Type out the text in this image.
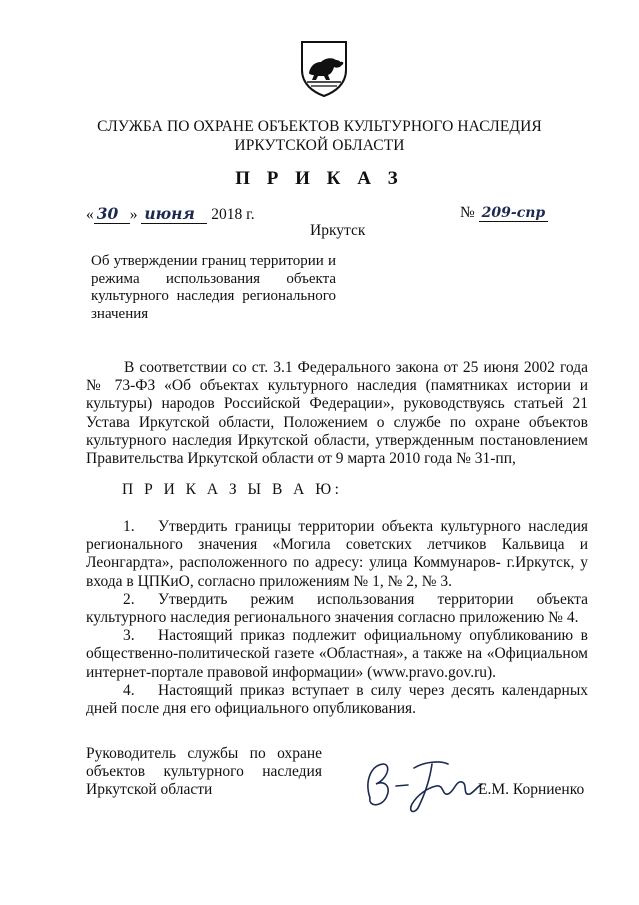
СЛУЖБА ПО ОХРАНЕ ОБЪЕКТОВ КУЛЬТУРНОГО НАСЛЕДИЯ
ИРКУТСКОЙ ОБЛАСТИ
П Р И К А З
« 30 » июня 2018 г.	№ 209-спр
Иркутск
Об утверждении границ территории и режима использования объекта культурного наследия регионального значения
В соответствии со ст. 3.1 Федерального закона от 25 июня 2002 года № 73-ФЗ «Об объектах культурного наследия (памятниках истории и культуры) народов Российской Федерации», руководствуясь статьей 21 Устава Иркутской области, Положением о службе по охране объектов культурного наследия Иркутской области, утвержденным постановлением Правительства Иркутской области от 9 марта 2010 года № 31-пп,
П Р И К А З Ы В А Ю:
1. Утвердить границы территории объекта культурного наследия регионального значения «Могила советских летчиков Кальвица и Леонгардта», расположенного по адресу: улица Коммунаров- г.Иркутск, у входа в ЦПКиО, согласно приложениям № 1, № 2, № 3.
2. Утвердить режим использования территории объекта культурного наследия регионального значения согласно приложению № 4.
3. Настоящий приказ подлежит официальному опубликованию в общественно-политической газете «Областная», а также на «Официальном интернет-портале правовой информации» (www.pravo.gov.ru).
4. Настоящий приказ вступает в силу через десять календарных дней после дня его официального опубликования.
Руководитель службы по охране объектов культурного наследия Иркутской области	Е.М. Корниенко
